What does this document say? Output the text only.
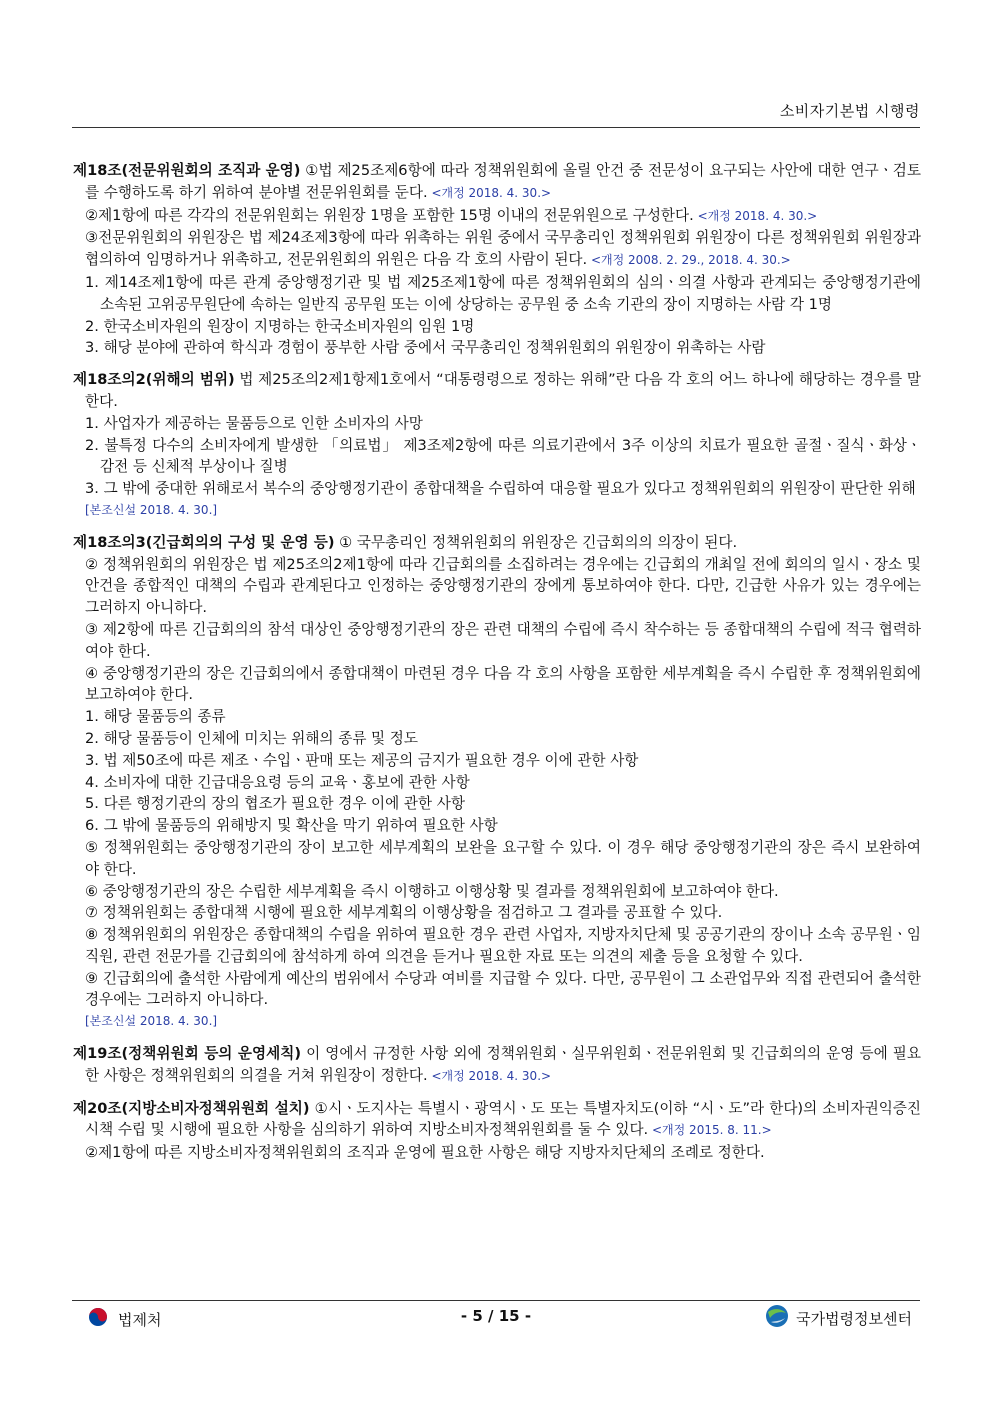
소비자기본법 시행령

제18조(전문위원회의 조직과 운영) ①법 제25조제6항에 따라 정책위원회에 올릴 안건 중 전문성이 요구되는 사안에 대한 연구ㆍ검토를 수행하도록 하기 위하여 분야별 전문위원회를 둔다. <개정 2018. 4. 30.>

②제1항에 따른 각각의 전문위원회는 위원장 1명을 포함한 15명 이내의 전문위원으로 구성한다. <개정 2018. 4. 30.>

③전문위원회의 위원장은 법 제24조제3항에 따라 위촉하는 위원 중에서 국무총리인 정책위원회 위원장이 다른 정책위원회 위원장과 협의하여 임명하거나 위촉하고, 전문위원회의 위원은 다음 각 호의 사람이 된다. <개정 2008. 2. 29., 2018. 4. 30.>

1. 제14조제1항에 따른 관계 중앙행정기관 및 법 제25조제1항에 따른 정책위원회의 심의ㆍ의결 사항과 관계되는 중앙행정기관에 소속된 고위공무원단에 속하는 일반직 공무원 또는 이에 상당하는 공무원 중 소속 기관의 장이 지명하는 사람 각 1명

2. 한국소비자원의 원장이 지명하는 한국소비자원의 임원 1명

3. 해당 분야에 관하여 학식과 경험이 풍부한 사람 중에서 국무총리인 정책위원회의 위원장이 위촉하는 사람

제18조의2(위해의 범위) 법 제25조의2제1항제1호에서 “대통령령으로 정하는 위해”란 다음 각 호의 어느 하나에 해당하는 경우를 말한다.

1. 사업자가 제공하는 물품등으로 인한 소비자의 사망

2. 불특정 다수의 소비자에게 발생한 「의료법」 제3조제2항에 따른 의료기관에서 3주 이상의 치료가 필요한 골절ㆍ질식ㆍ화상ㆍ감전 등 신체적 부상이나 질병

3. 그 밖에 중대한 위해로서 복수의 중앙행정기관이 종합대책을 수립하여 대응할 필요가 있다고 정책위원회의 위원장이 판단한 위해

[본조신설 2018. 4. 30.]

제18조의3(긴급회의의 구성 및 운영 등) ① 국무총리인 정책위원회의 위원장은 긴급회의의 의장이 된다.

② 정책위원회의 위원장은 법 제25조의2제1항에 따라 긴급회의를 소집하려는 경우에는 긴급회의 개최일 전에 회의의 일시ㆍ장소 및 안건을 종합적인 대책의 수립과 관계된다고 인정하는 중앙행정기관의 장에게 통보하여야 한다. 다만, 긴급한 사유가 있는 경우에는 그러하지 아니하다.

③ 제2항에 따른 긴급회의의 참석 대상인 중앙행정기관의 장은 관련 대책의 수립에 즉시 착수하는 등 종합대책의 수립에 적극 협력하여야 한다.

④ 중앙행정기관의 장은 긴급회의에서 종합대책이 마련된 경우 다음 각 호의 사항을 포함한 세부계획을 즉시 수립한 후 정책위원회에 보고하여야 한다.

1. 해당 물품등의 종류

2. 해당 물품등이 인체에 미치는 위해의 종류 및 정도

3. 법 제50조에 따른 제조ㆍ수입ㆍ판매 또는 제공의 금지가 필요한 경우 이에 관한 사항

4. 소비자에 대한 긴급대응요령 등의 교육ㆍ홍보에 관한 사항

5. 다른 행정기관의 장의 협조가 필요한 경우 이에 관한 사항

6. 그 밖에 물품등의 위해방지 및 확산을 막기 위하여 필요한 사항

⑤ 정책위원회는 중앙행정기관의 장이 보고한 세부계획의 보완을 요구할 수 있다. 이 경우 해당 중앙행정기관의 장은 즉시 보완하여야 한다.

⑥ 중앙행정기관의 장은 수립한 세부계획을 즉시 이행하고 이행상황 및 결과를 정책위원회에 보고하여야 한다.

⑦ 정책위원회는 종합대책 시행에 필요한 세부계획의 이행상황을 점검하고 그 결과를 공표할 수 있다.

⑧ 정책위원회의 위원장은 종합대책의 수립을 위하여 필요한 경우 관련 사업자, 지방자치단체 및 공공기관의 장이나 소속 공무원ㆍ임직원, 관련 전문가를 긴급회의에 참석하게 하여 의견을 듣거나 필요한 자료 또는 의견의 제출 등을 요청할 수 있다.

⑨ 긴급회의에 출석한 사람에게 예산의 범위에서 수당과 여비를 지급할 수 있다. 다만, 공무원이 그 소관업무와 직접 관련되어 출석한 경우에는 그러하지 아니하다.

[본조신설 2018. 4. 30.]

제19조(정책위원회 등의 운영세칙) 이 영에서 규정한 사항 외에 정책위원회ㆍ실무위원회ㆍ전문위원회 및 긴급회의의 운영 등에 필요한 사항은 정책위원회의 의결을 거쳐 위원장이 정한다. <개정 2018. 4. 30.>

제20조(지방소비자정책위원회 설치) ①시ㆍ도지사는 특별시ㆍ광역시ㆍ도 또는 특별자치도(이하 “시ㆍ도”라 한다)의 소비자권익증진시책 수립 및 시행에 필요한 사항을 심의하기 위하여 지방소비자정책위원회를 둘 수 있다. <개정 2015. 8. 11.>

②제1항에 따른 지방소비자정책위원회의 조직과 운영에 필요한 사항은 해당 지방자치단체의 조례로 정한다.

법제처	- 5 / 15 -	국가법령정보센터
